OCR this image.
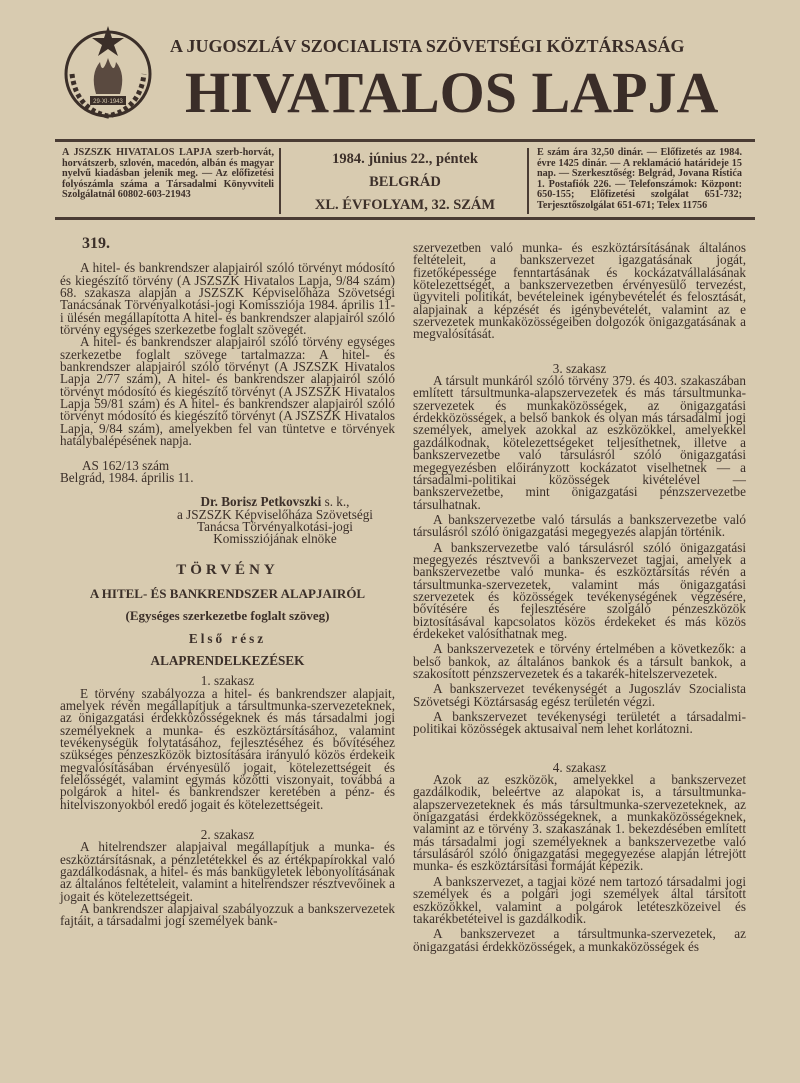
29·XI·1943
A JUGOSZLÁV SZOCIALISTA SZÖVETSÉGI KÖZTÁRSASÁG
HIVATALOS LAPJA
A JSZSZK HIVATALOS LAPJA szerb-horvát, horvátszerb, szlovén, macedón, albán és magyar nyelvű kiadásban jelenik meg. — Az előfizetési folyószámla száma a Társadalmi Könyvviteli Szolgálatnál 60802-603-21943
1984. június 22., péntek
BELGRÁD
XL. ÉVFOLYAM, 32. SZÁM
E szám ára 32,50 dinár. — Előfizetés az 1984. évre 1425 dinár. — A reklamáció határideje 15 nap. — Szerkesztőség: Belgrád, Jovana Ristića 1. Postafiók 226. — Telefonszámok: Központ: 650-155; Előfizetési szolgálat 651-732; Terjesztőszolgálat 651-671; Telex 11756
319.

A hitel- és bankrendszer alapjairól szóló törvényt módosító és kiegészítő törvény (A JSZSZK Hivatalos Lapja, 9/84 szám) 68. szakasza alapján a JSZSZK Képviselőháza Szövetségi Tanácsának Törvényalkotási-jogi Komissziója 1984. április 11-i ülésén megállapította A hitel- és bankrendszer alapjairól szóló törvény egységes szerkezetbe foglalt szövegét.

A hitel- és bankrendszer alapjairól szóló törvény egységes szerkezetbe foglalt szövege tartalmazza: A hitel- és bankrendszer alapjairól szóló törvényt (A JSZSZK Hivatalos Lapja 2/77 szám), A hitel- és bankrendszer alapjairól szóló törvényt módosító és kiegészítő törvényt (A JSZSZK Hivatalos Lapja 59/81 szám) és A hitel- és bankrendszer alapjairól szóló törvényt módosító és kiegészítő törvényt (A JSZSZK Hivatalos Lapja, 9/84 szám), amelyekben fel van tüntetve e törvények hatálybalépésének napja.

AS 162/13 szám

Belgrád, 1984. április 11.

Dr. Borisz Petkovszki s. k.,

a JSZSZK Képviselőháza Szövetségi Tanácsa Törvényalkotási-jogi Komissziójának elnöke

TÖRVÉNY

A HITEL- ÉS BANKRENDSZER ALAPJAIRÓL

(Egységes szerkezetbe foglalt szöveg)

Első rész

ALAPRENDELKEZÉSEK

1. szakasz

E törvény szabályozza a hitel- és bankrendszer alapjait, amelyek révén megállapítjuk a társultmunka-szervezeteknek, az önigazgatási érdekközösségeknek és más társadalmi jogi személyeknek a munka- és eszköztársításához, valamint tevékenységük folytatásához, fejlesztéséhez és bővítéséhez szükséges pénzeszközök biztosítására irányuló közös érdekeik megvalósításában érvényesülő jogait, kötelezettségeit és felelősségét, valamint egymás közötti viszonyait, továbbá a polgárok a hitel- és bankrendszer keretében a pénz- és hitelviszonyokból eredő jogait és kötelezettségeit.

2. szakasz

A hitelrendszer alapjaival megállapítjuk a munka- és eszköztársításnak, a pénzletétekkel és az értékpapírokkal való gazdálkodásnak, a hitel- és más bankügyletek lebonyolításának az általános feltételeit, valamint a hitelrendszer résztvevőinek a jogait és kötelezettségeit.

A bankrendszer alapjaival szabályozzuk a bankszervezetek fajtáit, a társadalmi jogi személyek bank-

szervezetben való munka- és eszköztársításának általános feltételeit, a bankszervezet igazgatásának jogát, fizetőképessége fenntartásának és kockázatvállalásának kötelezettségét, a bankszervezetben érvényesülő tervezést, ügyviteli politikát, bevételeinek igénybevételét és felosztását, alapjainak a képzését és igénybevételét, valamint az e szervezetek munkaközösségeiben dolgozók önigazgatásának a megvalósítását.

3. szakasz

A társult munkáról szóló törvény 379. és 403. szakaszában említett társultmunka-alapszervezetek és más társultmunka-szervezetek és munkaközösségek, az önigazgatási érdekközösségek, a belső bankok és olyan más társadalmi jogi személyek, amelyek azokkal az eszközökkel, amelyekkel gazdálkodnak, kötelezettségeket teljesíthetnek, illetve a bankszervezetbe való társulásról szóló önigazgatási megegyezésben előirányzott kockázatot viselhetnek — a társadalmi-politikai közösségek kivételével — bankszervezetbe, mint önigazgatási pénzszervezetbe társulhatnak.

A bankszervezetbe való társulás a bankszervezetbe való társulásról szóló önigazgatási megegyezés alapján történik.

A bankszervezetbe való társulásról szóló önigazgatási megegyezés résztvevői a bankszervezet tagjai, amelyek a bankszervezetbe való munka- és eszköztársítás révén a társultmunka-szervezetek, valamint más önigazgatási szervezetek és közösségek tevékenységének végzésére, bővítésére és fejlesztésére szolgáló pénzeszközök biztosításával kapcsolatos közös érdekeket és más közös érdekeket valósíthatnak meg.

A bankszervezetek e törvény értelmében a következők: a belső bankok, az általános bankok és a társult bankok, a szakosított pénzszervezetek és a takarék-hitelszervezetek.

A bankszervezet tevékenységét a Jugoszláv Szocialista Szövetségi Köztársaság egész területén végzi.

A bankszervezet tevékenységi területét a társadalmi-politikai közösségek aktusaival nem lehet korlátozni.

4. szakasz

Azok az eszközök, amelyekkel a bankszervezet gazdálkodik, beleértve az alapokat is, a társultmunka-alapszervezeteknek és más társultmunka-szervezeteknek, az önigazgatási érdekközösségeknek, a munkaközösségeknek, valamint az e törvény 3. szakaszának 1. bekezdésében említett más társadalmi jogi személyeknek a bankszervezetbe való társulásáról szóló önigazgatási megegyezése alapján létrejött munka- és eszköztársítási formáját képezik.

A bankszervezet, a tagjai közé nem tartozó társadalmi jogi személyek és a polgári jogi személyek által társított eszközökkel, valamint a polgárok letéteszközeivel és takarékbetéteivel is gazdálkodik.

A bankszervezet a társultmunka-szervezetek, az önigazgatási érdekközösségek, a munkaközösségek és
